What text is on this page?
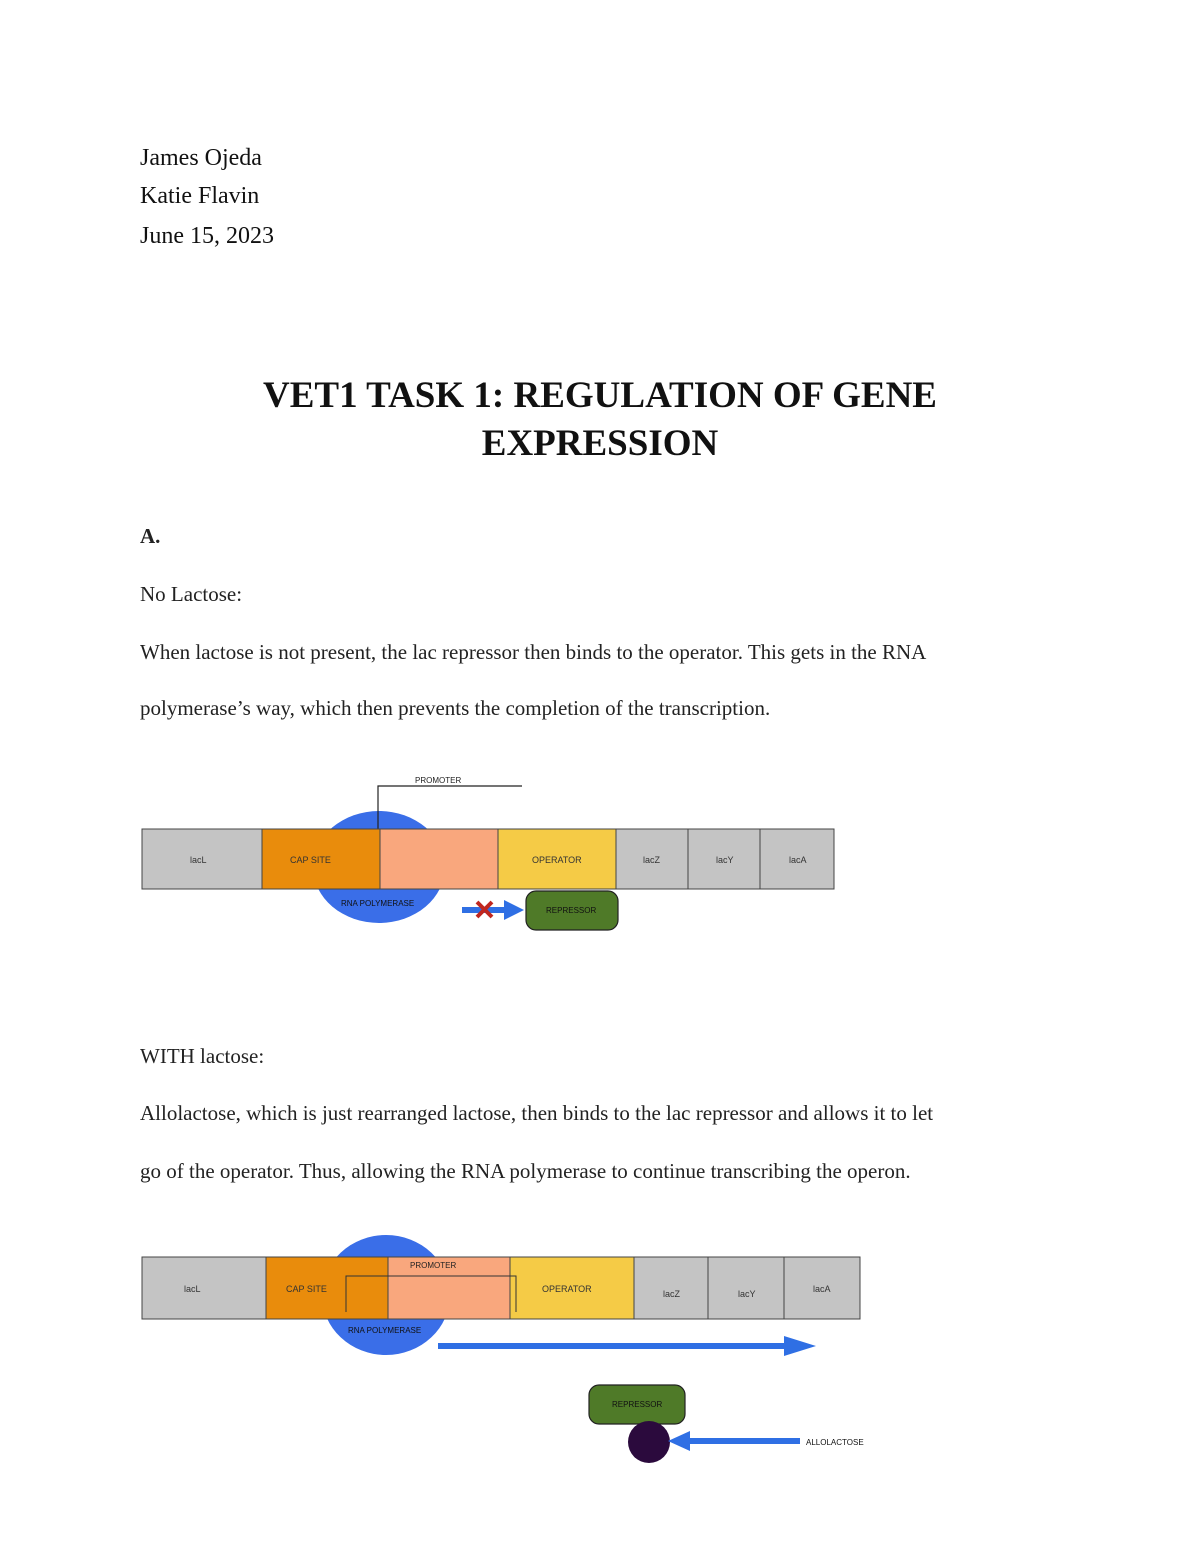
James Ojeda
Katie Flavin
June 15, 2023
VET1 TASK 1: REGULATION OF GENE
EXPRESSION
A.
No Lactose:
When lactose is not present, the lac repressor then binds to the operator. This gets in the RNA
polymerase’s way, which then prevents the completion of the transcription.
PROMOTER
lacL	CAP SITE	OPERATOR	lacZ	lacY	lacA
RNA POLYMERASE
REPRESSOR
WITH lactose:
Allolactose, which is just rearranged lactose, then binds to the lac repressor and allows it to let
go of the operator. Thus, allowing the RNA polymerase to continue transcribing the operon.
PROMOTER
lacL	CAP SITE	OPERATOR	lacZ	lacY	lacA
RNA POLYMERASE
REPRESSOR
ALLOLACTOSE
